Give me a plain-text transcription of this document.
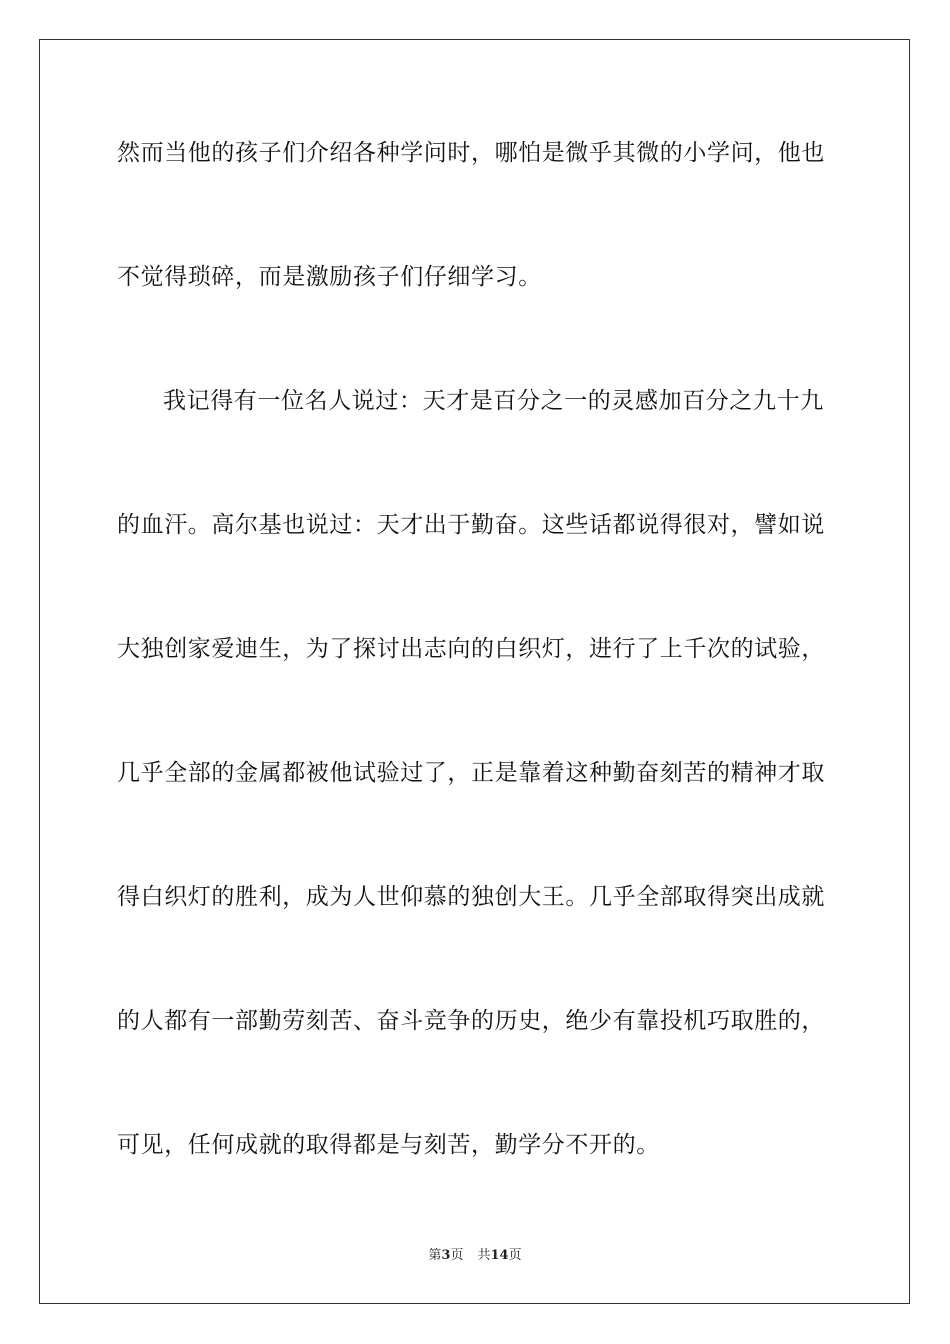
然而当他的孩子们介绍各种学问时，哪怕是微乎其微的小学问，他也
不觉得琐碎，而是激励孩子们仔细学习。
我记得有一位名人说过：天才是百分之一的灵感加百分之九十九
的血汗。高尔基也说过：天才出于勤奋。这些话都说得很对，譬如说
大独创家爱迪生，为了探讨出志向的白织灯，进行了上千次的试验，
几乎全部的金属都被他试验过了，正是靠着这种勤奋刻苦的精神才取
得白织灯的胜利，成为人世仰慕的独创大王。几乎全部取得突出成就
的人都有一部勤劳刻苦、奋斗竞争的历史，绝少有靠投机巧取胜的，
可见，任何成就的取得都是与刻苦，勤学分不开的。
第3页 共14页
